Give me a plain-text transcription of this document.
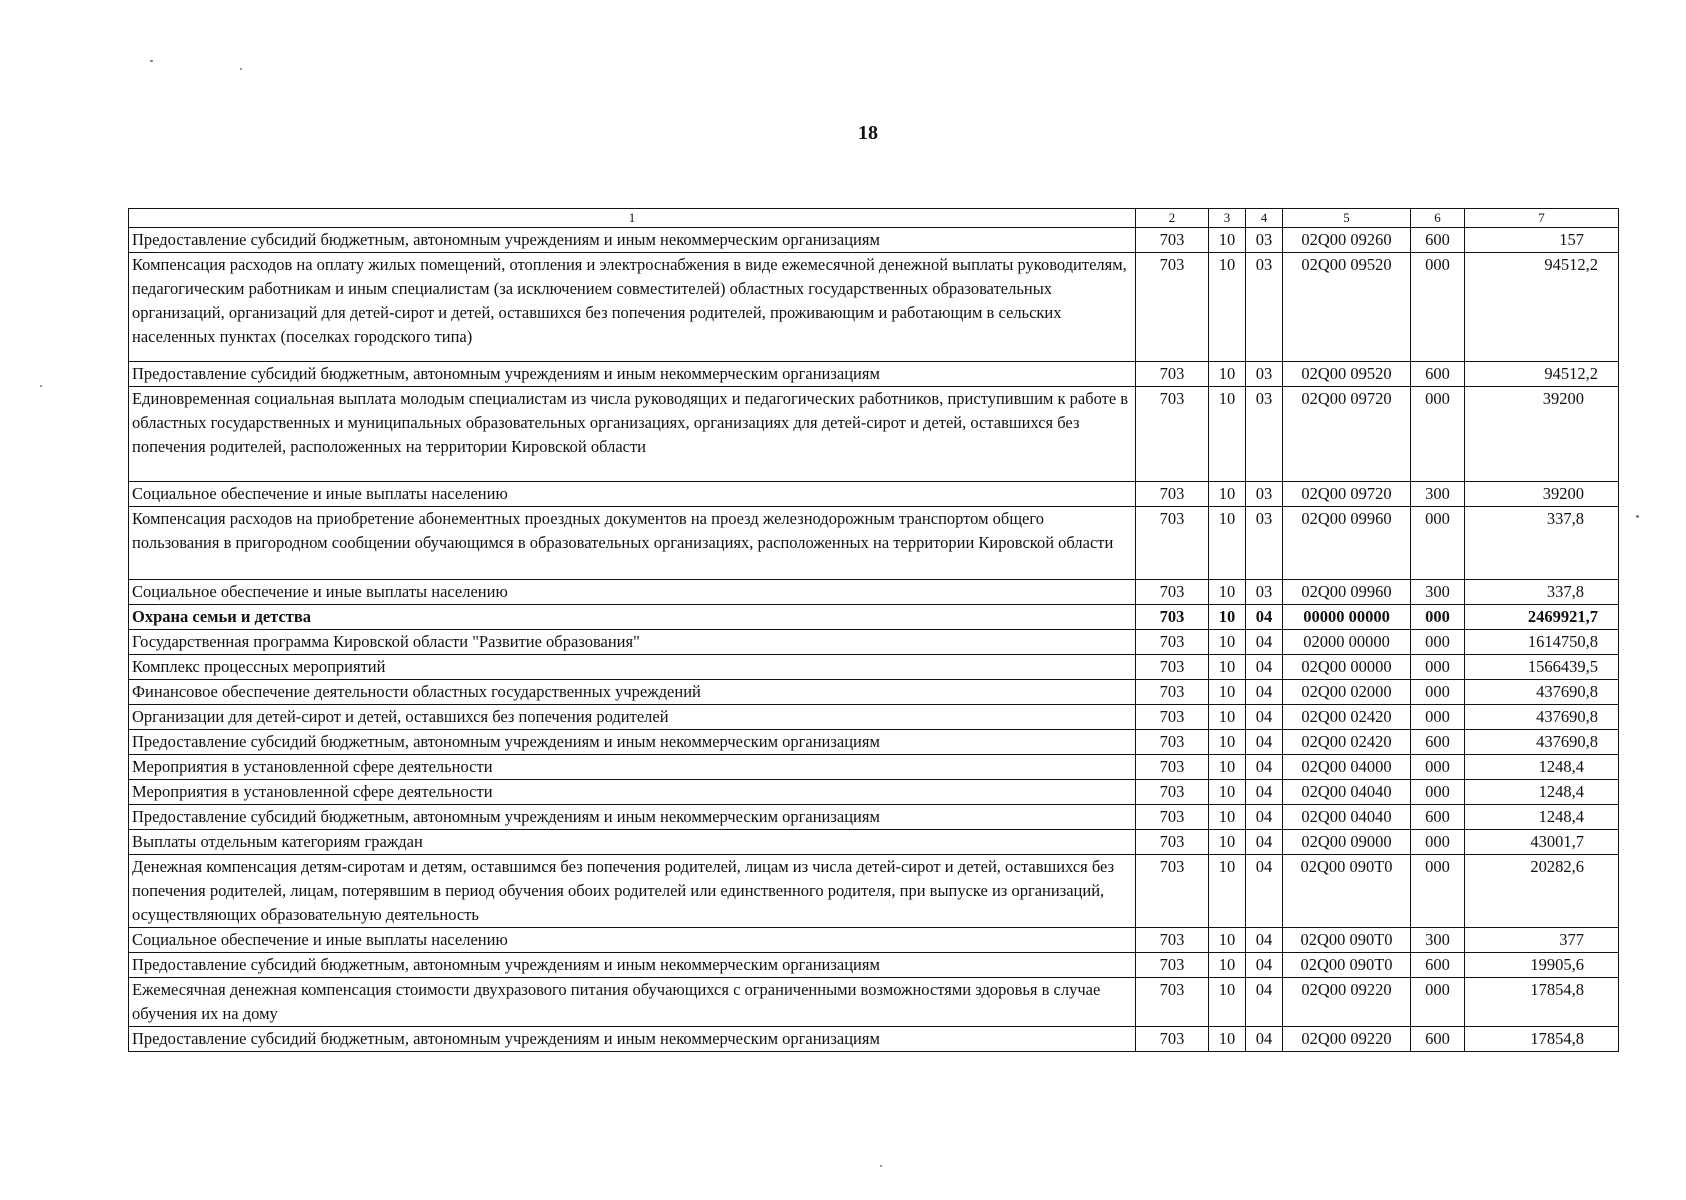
18
1	2	3	4	5	6	7
Предоставление субсидий бюджетным, автономным учреждениям и иным некоммерческим организациям	703	10	03	02Q00 09260	600	157
Компенсация расходов на оплату жилых помещений, отопления и электроснабжения в виде ежемесячной денежной выплаты руководителям, педагогическим работникам и иным специалистам (за исключением совместителей) областных государственных образовательных организаций, организаций для детей-сирот и детей, оставшихся без попечения родителей, проживающим и работающим в сельских населенных пунктах (поселках городского типа)	703	10	03	02Q00 09520	000	94512,2
Предоставление субсидий бюджетным, автономным учреждениям и иным некоммерческим организациям	703	10	03	02Q00 09520	600	94512,2
Единовременная социальная выплата молодым специалистам из числа руководящих и педагогических работников, приступившим к работе в областных государственных и муниципальных образовательных организациях, организациях для детей-сирот и детей, оставшихся без попечения родителей, расположенных на территории Кировской области	703	10	03	02Q00 09720	000	39200
Социальное обеспечение и иные выплаты населению	703	10	03	02Q00 09720	300	39200
Компенсация расходов на приобретение абонементных проездных документов на проезд железнодорожным транспортом общего пользования в пригородном сообщении обучающимся в образовательных организациях, расположенных на территории Кировской области	703	10	03	02Q00 09960	000	337,8
Социальное обеспечение и иные выплаты населению	703	10	03	02Q00 09960	300	337,8
Охрана семьи и детства	703	10	04	00000 00000	000	2469921,7
Государственная программа Кировской области "Развитие образования"	703	10	04	02000 00000	000	1614750,8
Комплекс процессных мероприятий	703	10	04	02Q00 00000	000	1566439,5
Финансовое обеспечение деятельности областных государственных учреждений	703	10	04	02Q00 02000	000	437690,8
Организации для детей-сирот и детей, оставшихся без попечения родителей	703	10	04	02Q00 02420	000	437690,8
Предоставление субсидий бюджетным, автономным учреждениям и иным некоммерческим организациям	703	10	04	02Q00 02420	600	437690,8
Мероприятия в установленной сфере деятельности	703	10	04	02Q00 04000	000	1248,4
Мероприятия в установленной сфере деятельности	703	10	04	02Q00 04040	000	1248,4
Предоставление субсидий бюджетным, автономным учреждениям и иным некоммерческим организациям	703	10	04	02Q00 04040	600	1248,4
Выплаты отдельным категориям граждан	703	10	04	02Q00 09000	000	43001,7
Денежная компенсация детям-сиротам и детям, оставшимся без попечения родителей, лицам из числа детей-сирот и детей, оставшихся без попечения родителей, лицам, потерявшим в период обучения обоих родителей или единственного родителя, при выпуске из организаций, осуществляющих образовательную деятельность	703	10	04	02Q00 090T0	000	20282,6
Социальное обеспечение и иные выплаты населению	703	10	04	02Q00 090T0	300	377
Предоставление субсидий бюджетным, автономным учреждениям и иным некоммерческим организациям	703	10	04	02Q00 090T0	600	19905,6
Ежемесячная денежная компенсация стоимости двухразового питания обучающихся с ограниченными возможностями здоровья в случае обучения их на дому	703	10	04	02Q00 09220	000	17854,8
Предоставление субсидий бюджетным, автономным учреждениям и иным некоммерческим организациям	703	10	04	02Q00 09220	600	17854,8
